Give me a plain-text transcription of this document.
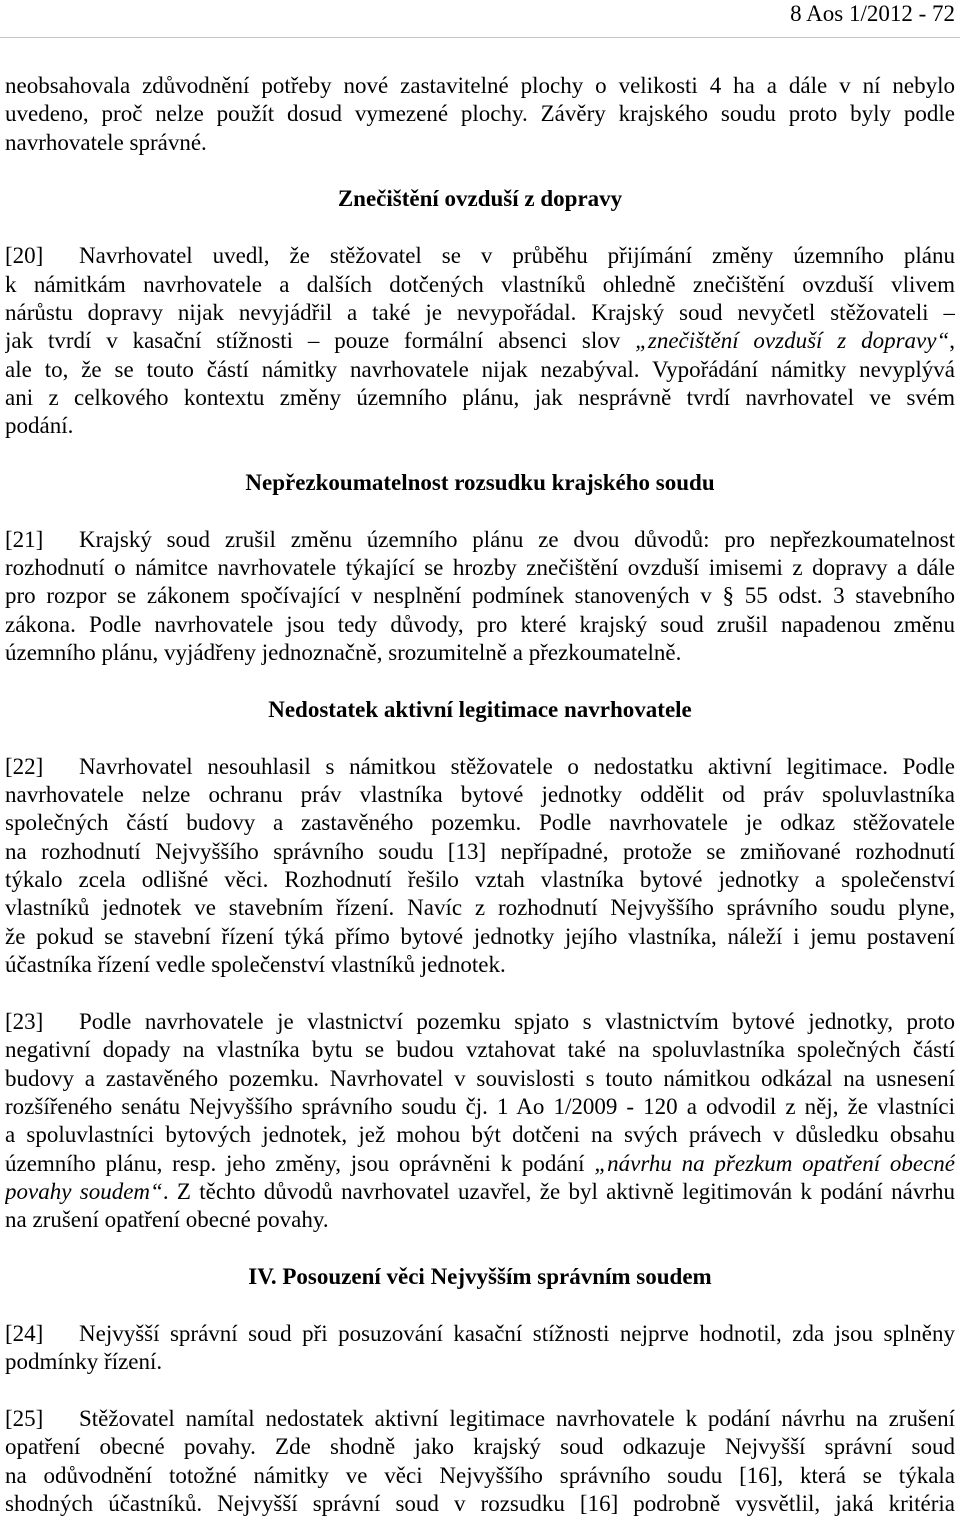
8 Aos 1/2012 - 72
neobsahovala zdůvodnění potřeby nové zastavitelné plochy o velikosti 4 ha a dále v ní nebylo
uvedeno, proč nelze použít dosud vymezené plochy. Závěry krajského soudu proto byly podle
navrhovatele správné.
Znečištění ovzduší z dopravy
[20]	Navrhovatel uvedl, že stěžovatel se v průběhu přijímání změny územního plánu
k námitkám navrhovatele a dalších dotčených vlastníků ohledně znečištění ovzduší vlivem
nárůstu dopravy nijak nevyjádřil a také je nevypořádal. Krajský soud nevyčetl stěžovateli –
jak tvrdí v kasační stížnosti – pouze formální absenci slov „znečištění ovzduší z dopravy“,
ale to, že se touto částí námitky navrhovatele nijak nezabýval. Vypořádání námitky nevyplývá
ani z celkového kontextu změny územního plánu, jak nesprávně tvrdí navrhovatel ve svém
podání.
Nepřezkoumatelnost rozsudku krajského soudu
[21]	Krajský soud zrušil změnu územního plánu ze dvou důvodů: pro nepřezkoumatelnost
rozhodnutí o námitce navrhovatele týkající se hrozby znečištění ovzduší imisemi z dopravy a dále
pro rozpor se zákonem spočívající v nesplnění podmínek stanovených v § 55 odst. 3 stavebního
zákona. Podle navrhovatele jsou tedy důvody, pro které krajský soud zrušil napadenou změnu
územního plánu, vyjádřeny jednoznačně, srozumitelně a přezkoumatelně.
Nedostatek aktivní legitimace navrhovatele
[22]	Navrhovatel nesouhlasil s námitkou stěžovatele o nedostatku aktivní legitimace. Podle
navrhovatele nelze ochranu práv vlastníka bytové jednotky oddělit od práv spoluvlastníka
společných částí budovy a zastavěného pozemku. Podle navrhovatele je odkaz stěžovatele
na rozhodnutí Nejvyššího správního soudu [13] nepřípadné, protože se zmiňované rozhodnutí
týkalo zcela odlišné věci. Rozhodnutí řešilo vztah vlastníka bytové jednotky a společenství
vlastníků jednotek ve stavebním řízení. Navíc z rozhodnutí Nejvyššího správního soudu plyne,
že pokud se stavební řízení týká přímo bytové jednotky jejího vlastníka, náleží i jemu postavení
účastníka řízení vedle společenství vlastníků jednotek.
[23]	Podle navrhovatele je vlastnictví pozemku spjato s vlastnictvím bytové jednotky, proto
negativní dopady na vlastníka bytu se budou vztahovat také na spoluvlastníka společných částí
budovy a zastavěného pozemku. Navrhovatel v souvislosti s touto námitkou odkázal na usnesení
rozšířeného senátu Nejvyššího správního soudu čj. 1 Ao 1/2009 - 120 a odvodil z něj, že vlastníci
a spoluvlastníci bytových jednotek, jež mohou být dotčeni na svých právech v důsledku obsahu
územního plánu, resp. jeho změny, jsou oprávněni k podání „návrhu na přezkum opatření obecné
povahy soudem“. Z těchto důvodů navrhovatel uzavřel, že byl aktivně legitimován k podání návrhu
na zrušení opatření obecné povahy.
IV. Posouzení věci Nejvyšším správním soudem
[24]	Nejvyšší správní soud při posuzování kasační stížnosti nejprve hodnotil, zda jsou splněny
podmínky řízení.
[25]	Stěžovatel namítal nedostatek aktivní legitimace navrhovatele k podání návrhu na zrušení
opatření obecné povahy. Zde shodně jako krajský soud odkazuje Nejvyšší správní soud
na odůvodnění totožné námitky ve věci Nejvyššího správního soudu [16], která se týkala
shodných účastníků. Nejvyšší správní soud v rozsudku [16] podrobně vysvětlil, jaká kritéria
